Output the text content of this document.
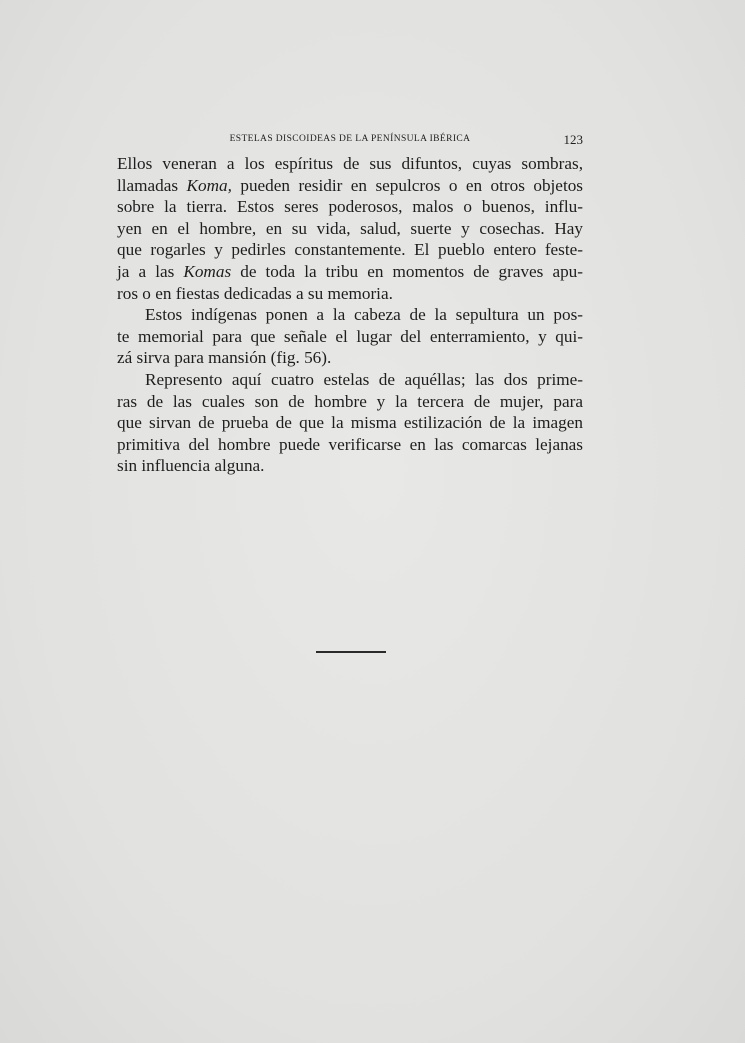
ESTELAS DISCOIDEAS DE LA PENÍNSULA IBÉRICA	123
Ellos veneran a los espíritus de sus difuntos, cuyas sombras,
llamadas Koma, pueden residir en sepulcros o en otros objetos
sobre la tierra. Estos seres poderosos, malos o buenos, influ-
yen en el hombre, en su vida, salud, suerte y cosechas. Hay
que rogarles y pedirles constantemente. El pueblo entero feste-
ja a las Komas de toda la tribu en momentos de graves apu-
ros o en fiestas dedicadas a su memoria.
Estos indígenas ponen a la cabeza de la sepultura un pos-
te memorial para que señale el lugar del enterramiento, y qui-
zá sirva para mansión (fig. 56).
Represento aquí cuatro estelas de aquéllas; las dos prime-
ras de las cuales son de hombre y la tercera de mujer, para
que sirvan de prueba de que la misma estilización de la imagen
primitiva del hombre puede verificarse en las comarcas lejanas
sin influencia alguna.
